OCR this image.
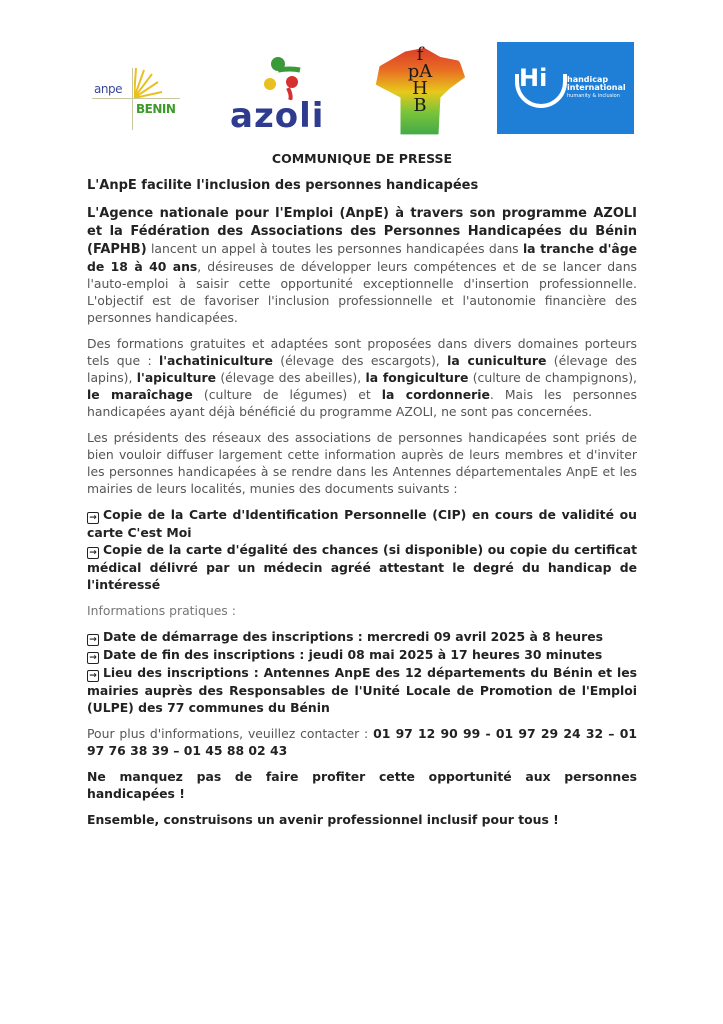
anpe
BENIN azoli
f
pA
H
B
Hi handicap
international
humanity & inclusion
COMMUNIQUE DE PRESSE
L'AnpE facilite l'inclusion des personnes handicapées

L'Agence nationale pour l'Emploi (AnpE) à travers son programme AZOLI et la Fédération des Associations des Personnes Handicapées du Bénin (FAPHB) lancent un appel à toutes les personnes handicapées dans la tranche d'âge de 18 à 40 ans, désireuses de développer leurs compétences et de se lancer dans l'auto-emploi à saisir cette opportunité exceptionnelle d'insertion professionnelle. L'objectif est de favoriser l'inclusion professionnelle et l'autonomie financière des personnes handicapées.

Des formations gratuites et adaptées sont proposées dans divers domaines porteurs tels que : l'achatiniculture (élevage des escargots), la cuniculture (élevage des lapins), l'apiculture (élevage des abeilles), la fongiculture (culture de champignons), le maraîchage (culture de légumes) et la cordonnerie. Mais les personnes handicapées ayant déjà bénéficié du programme AZOLI, ne sont pas concernées.

Les présidents des réseaux des associations de personnes handicapées sont priés de bien vouloir diffuser largement cette information auprès de leurs membres et d'inviter les personnes handicapées à se rendre dans les Antennes départementales AnpE et les mairies de leurs localités, munies des documents suivants :

→ Copie de la Carte d'Identification Personnelle (CIP) en cours de validité ou carte C'est Moi

→ Copie de la carte d'égalité des chances (si disponible) ou copie du certificat médical délivré par un médecin agréé attestant le degré du handicap de l'intéressé

Informations pratiques :

→ Date de démarrage des inscriptions : mercredi 09 avril 2025 à 8 heures

→ Date de fin des inscriptions : jeudi 08 mai 2025 à 17 heures 30 minutes

→ Lieu des inscriptions : Antennes AnpE des 12 départements du Bénin et les mairies auprès des Responsables de l'Unité Locale de Promotion de l'Emploi (ULPE) des 77 communes du Bénin

Pour plus d'informations, veuillez contacter : 01 97 12 90 99 - 01 97 29 24 32 – 01 97 76 38 39 – 01 45 88 02 43

Ne manquez pas de faire profiter cette opportunité aux personnes handicapées !

Ensemble, construisons un avenir professionnel inclusif pour tous !
